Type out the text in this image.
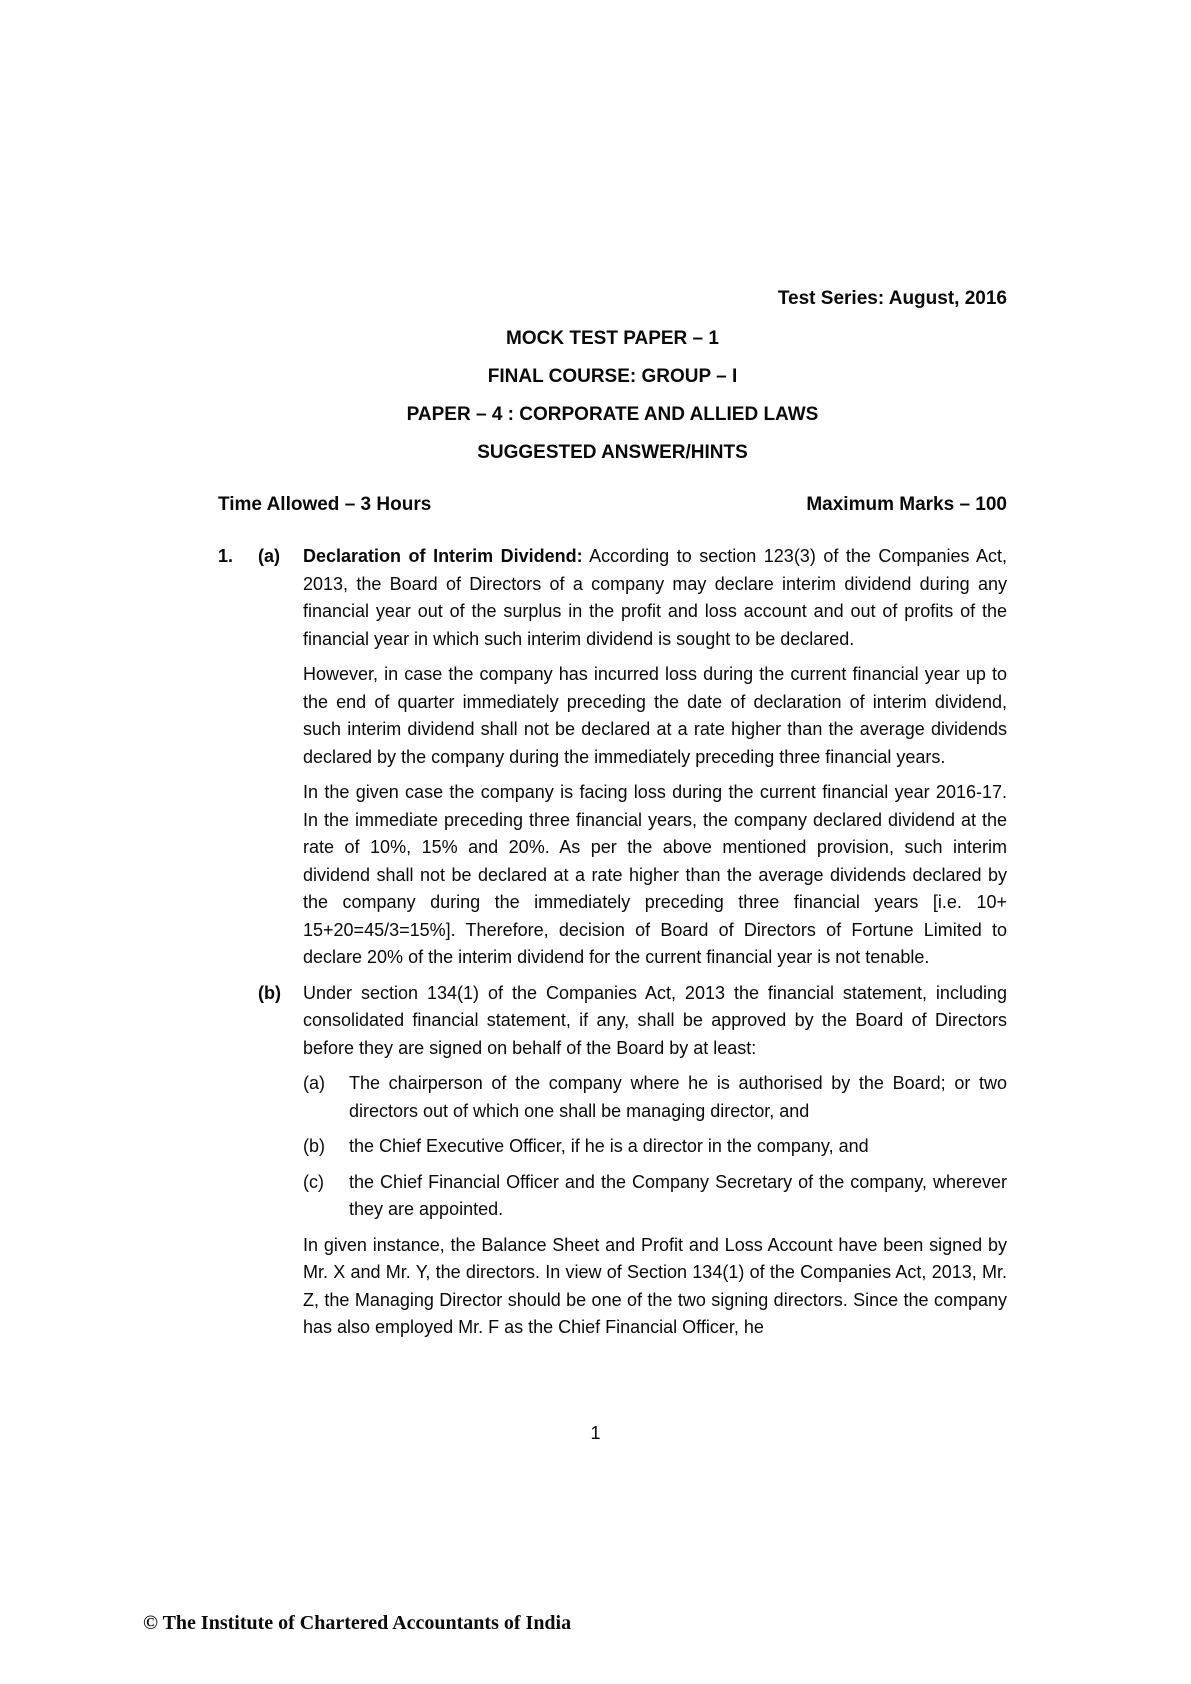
Test Series: August, 2016
MOCK TEST PAPER – 1
FINAL COURSE: GROUP – I
PAPER – 4 : CORPORATE AND ALLIED LAWS
SUGGESTED ANSWER/HINTS
Time Allowed – 3 Hours	Maximum Marks – 100
1.	(a)	Declaration of Interim Dividend: According to section 123(3) of the Companies Act, 2013, the Board of Directors of a company may declare interim dividend during any financial year out of the surplus in the profit and loss account and out of profits of the financial year in which such interim dividend is sought to be declared.

However, in case the company has incurred loss during the current financial year up to the end of quarter immediately preceding the date of declaration of interim dividend, such interim dividend shall not be declared at a rate higher than the average dividends declared by the company during the immediately preceding three financial years.

In the given case the company is facing loss during the current financial year 2016-17. In the immediate preceding three financial years, the company declared dividend at the rate of 10%, 15% and 20%. As per the above mentioned provision, such interim dividend shall not be declared at a rate higher than the average dividends declared by the company during the immediately preceding three financial years [i.e. 10+ 15+20=45/3=15%]. Therefore, decision of Board of Directors of Fortune Limited to declare 20% of the interim dividend for the current financial year is not tenable.

(b)	Under section 134(1) of the Companies Act, 2013 the financial statement, including consolidated financial statement, if any, shall be approved by the Board of Directors before they are signed on behalf of the Board by at least:

(a)	The chairperson of the company where he is authorised by the Board; or two directors out of which one shall be managing director, and
(b)	the Chief Executive Officer, if he is a director in the company, and
(c)	the Chief Financial Officer and the Company Secretary of the company, wherever they are appointed.

In given instance, the Balance Sheet and Profit and Loss Account have been signed by Mr. X and Mr. Y, the directors. In view of Section 134(1) of the Companies Act, 2013, Mr. Z, the Managing Director should be one of the two signing directors. Since the company has also employed Mr. F as the Chief Financial Officer, he

1
© The Institute of Chartered Accountants of India
